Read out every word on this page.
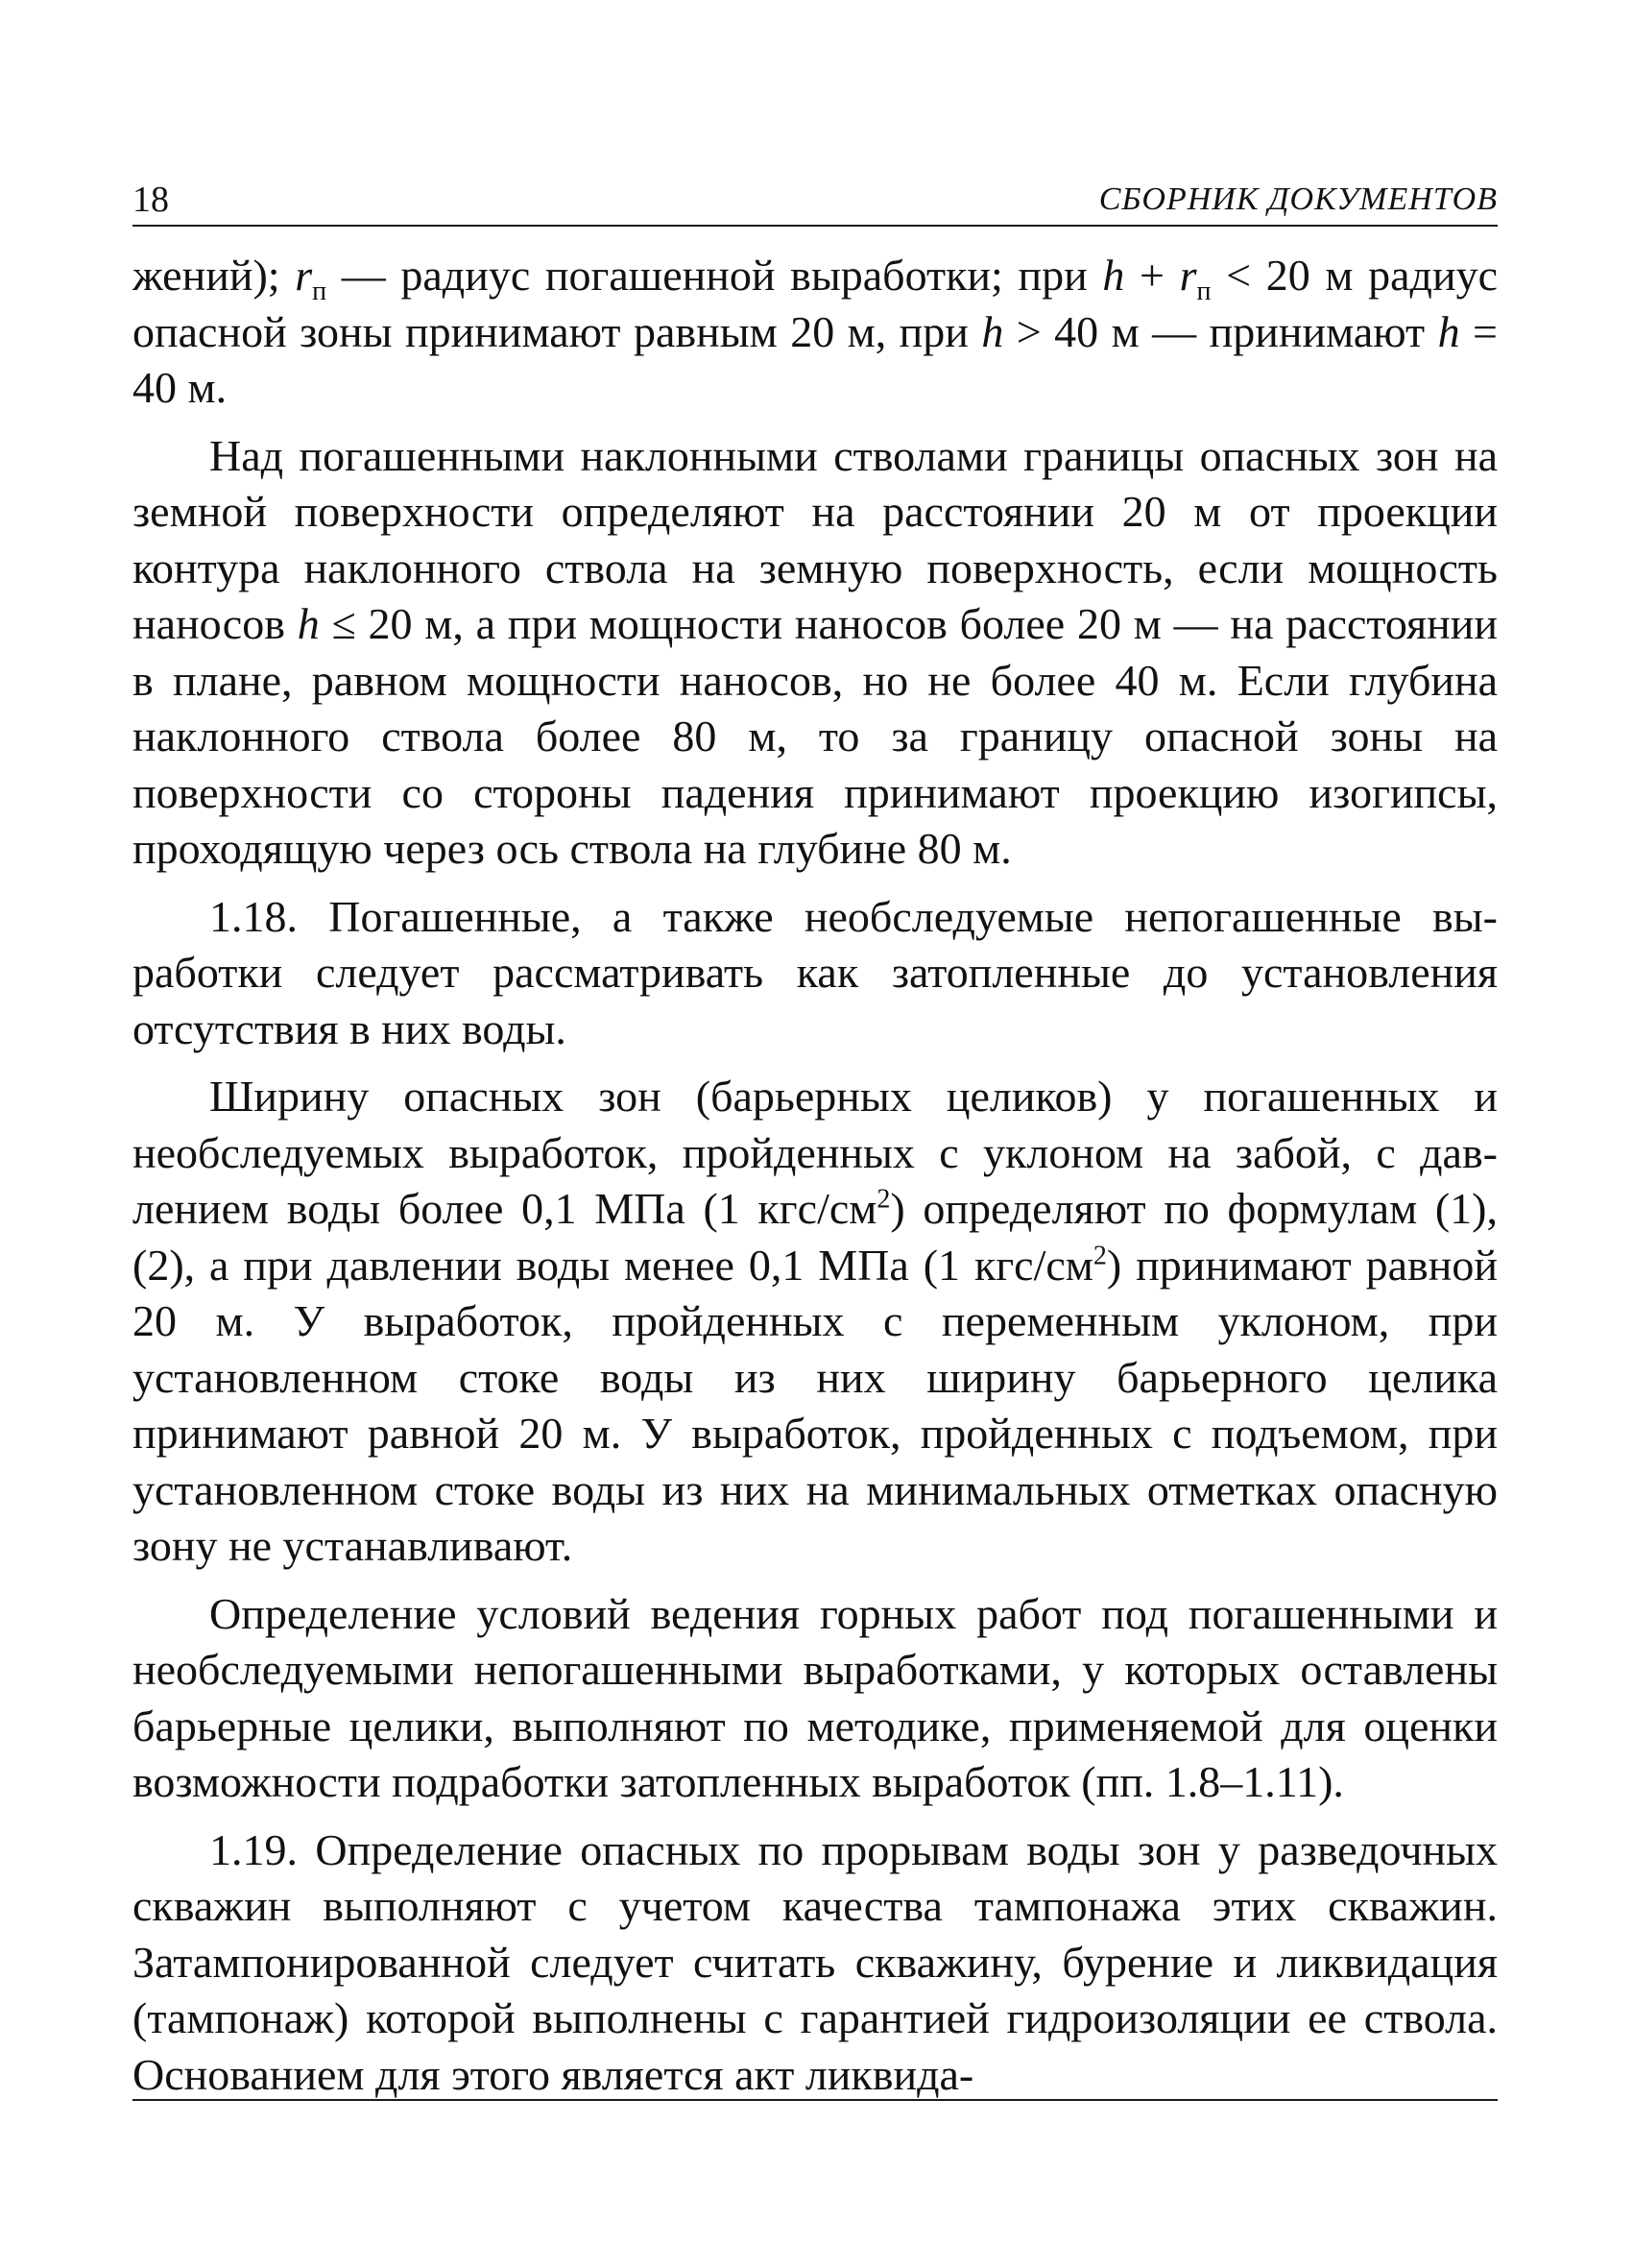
18	СБОРНИК ДОКУМЕНТОВ

жений); $r_п$ — радиус погашенной выработки; при $h + r_п < 20$ м радиус опасной зоны принимают равным 20 м, при h > 40 м — принимают h = 40 м.

Над погашенными наклонными стволами границы опасных зон на земной поверхности определяют на расстоянии 20 м от проекции контура наклонного ствола на земную поверхность, если мощность наносов h ≤ 20 м, а при мощности наносов более 20 м — на расстоянии в плане, равном мощности наносов, но не более 40 м. Если глубина наклонного ствола более 80 м, то за границу опасной зоны на поверхности со стороны падения принимают проекцию изогипсы, проходящую через ось ствола на глубине 80 м.

1.18. Погашенные, а также необследуемые непогашенные выработки следует рассматривать как затопленные до установления отсутствия в них воды.

Ширину опасных зон (барьерных целиков) у погашенных и необследуемых выработок, пройденных с уклоном на забой, с давлением воды более 0,1 МПа (1 кгс/$см^2$) определяют по формулам (1), (2), а при давлении воды менее 0,1 МПа (1 кгс/$см^2$) принимают равной 20 м. У выработок, пройденных с переменным уклоном, при установленном стоке воды из них ширину барьерного целика принимают равной 20 м. У выработок, пройденных с подъемом, при установленном стоке воды из них на минимальных отметках опасную зону не устанавливают.

Определение условий ведения горных работ под погашенными и необследуемыми непогашенными выработками, у которых оставлены барьерные целики, выполняют по методике, применяемой для оценки возможности подработки затопленных выработок (пп. 1.8–1.11).

1.19. Определение опасных по прорывам воды зон у разведочных скважин выполняют с учетом качества тампонажа этих скважин. Затампонированной следует считать скважину, бурение и ликвидация (тампонаж) которой выполнены с гарантией гидроизоляции ее ствола. Основанием для этого является акт ликвида-
